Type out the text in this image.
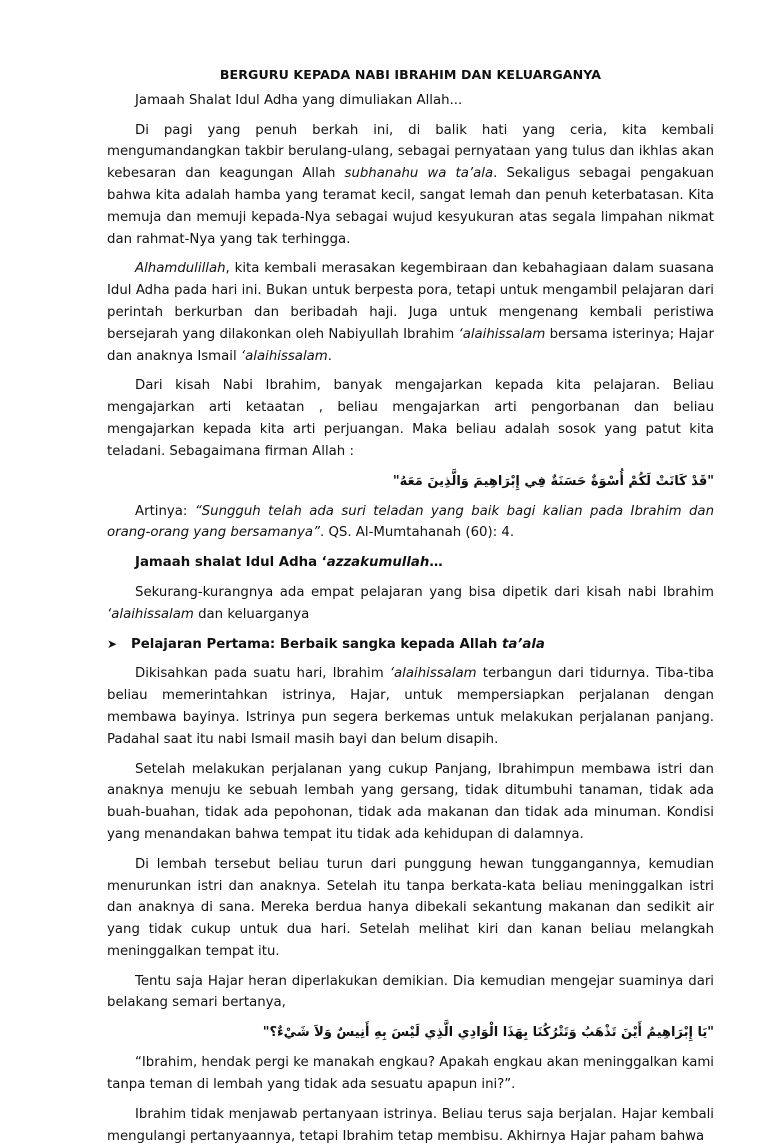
BERGURU KEPADA NABI IBRAHIM DAN KELUARGANYA

Jamaah Shalat Idul Adha yang dimuliakan Allah...

Di pagi yang penuh berkah ini, di balik hati yang ceria, kita kembali mengumandangkan takbir berulang-ulang, sebagai pernyataan yang tulus dan ikhlas akan kebesaran dan keagungan Allah subhanahu wa ta’ala. Sekaligus sebagai pengakuan bahwa kita adalah hamba yang teramat kecil, sangat lemah dan penuh keterbatasan. Kita memuja dan memuji kepada-Nya sebagai wujud kesyukuran atas segala limpahan nikmat dan rahmat-Nya yang tak terhingga.

Alhamdulillah, kita kembali merasakan kegembiraan dan kebahagiaan dalam suasana Idul Adha pada hari ini. Bukan untuk berpesta pora, tetapi untuk mengambil pelajaran dari perintah berkurban dan beribadah haji. Juga untuk mengenang kembali peristiwa bersejarah yang dilakonkan oleh Nabiyullah Ibrahim ‘alaihissalam bersama isterinya; Hajar dan anaknya Ismail ‘alaihissalam.

Dari kisah Nabi Ibrahim, banyak mengajarkan kepada kita pelajaran. Beliau mengajarkan arti ketaatan , beliau mengajarkan arti pengorbanan dan beliau mengajarkan kepada kita arti perjuangan. Maka beliau adalah sosok yang patut kita teladani. Sebagaimana firman Allah :

"قَدْ كَانَتْ لَكُمْ أُسْوَةٌ حَسَنَةٌ فِي إِبْرَاهِيمَ وَالَّذِينَ مَعَهُ"

Artinya: “Sungguh telah ada suri teladan yang baik bagi kalian pada Ibrahim dan orang-orang yang bersamanya”. QS. Al-Mumtahanah (60): 4.

Jamaah shalat Idul Adha ‘azzakumullah…

Sekurang-kurangnya ada empat pelajaran yang bisa dipetik dari kisah nabi Ibrahim ‘alaihissalam dan keluarganya

➤	Pelajaran Pertama: Berbaik sangka kepada Allah ta’ala

Dikisahkan pada suatu hari, Ibrahim ‘alaihissalam terbangun dari tidurnya. Tiba-tiba beliau memerintahkan istrinya, Hajar, untuk mempersiapkan perjalanan dengan membawa bayinya. Istrinya pun segera berkemas untuk melakukan perjalanan panjang. Padahal saat itu nabi Ismail masih bayi dan belum disapih.

Setelah melakukan perjalanan yang cukup Panjang, Ibrahimpun membawa istri dan anaknya menuju ke sebuah lembah yang gersang, tidak ditumbuhi tanaman, tidak ada buah-buahan, tidak ada pepohonan, tidak ada makanan dan tidak ada minuman. Kondisi yang menandakan bahwa tempat itu tidak ada kehidupan di dalamnya.

Di lembah tersebut beliau turun dari punggung hewan tunggangannya, kemudian menurunkan istri dan anaknya. Setelah itu tanpa berkata-kata beliau meninggalkan istri dan anaknya di sana. Mereka berdua hanya dibekali sekantung makanan dan sedikit air yang tidak cukup untuk dua hari. Setelah melihat kiri dan kanan beliau melangkah meninggalkan tempat itu.

Tentu saja Hajar heran diperlakukan demikian. Dia kemudian mengejar suaminya dari belakang semari bertanya,

"يَا إِبْرَاهِيمُ أَيْنَ تَذْهَبُ وَتَتْرُكُنَا بِهَذَا الْوَادِي الَّذِي لَيْسَ بِهِ أَنِيسٌ وَلاَ شَيْءٌ؟"

“Ibrahim, hendak pergi ke manakah engkau? Apakah engkau akan meninggalkan kami tanpa teman di lembah yang tidak ada sesuatu apapun ini?”.

Ibrahim tidak menjawab pertanyaan istrinya. Beliau terus saja berjalan. Hajar kembali mengulangi pertanyaannya, tetapi Ibrahim tetap membisu. Akhirnya Hajar paham bahwa
